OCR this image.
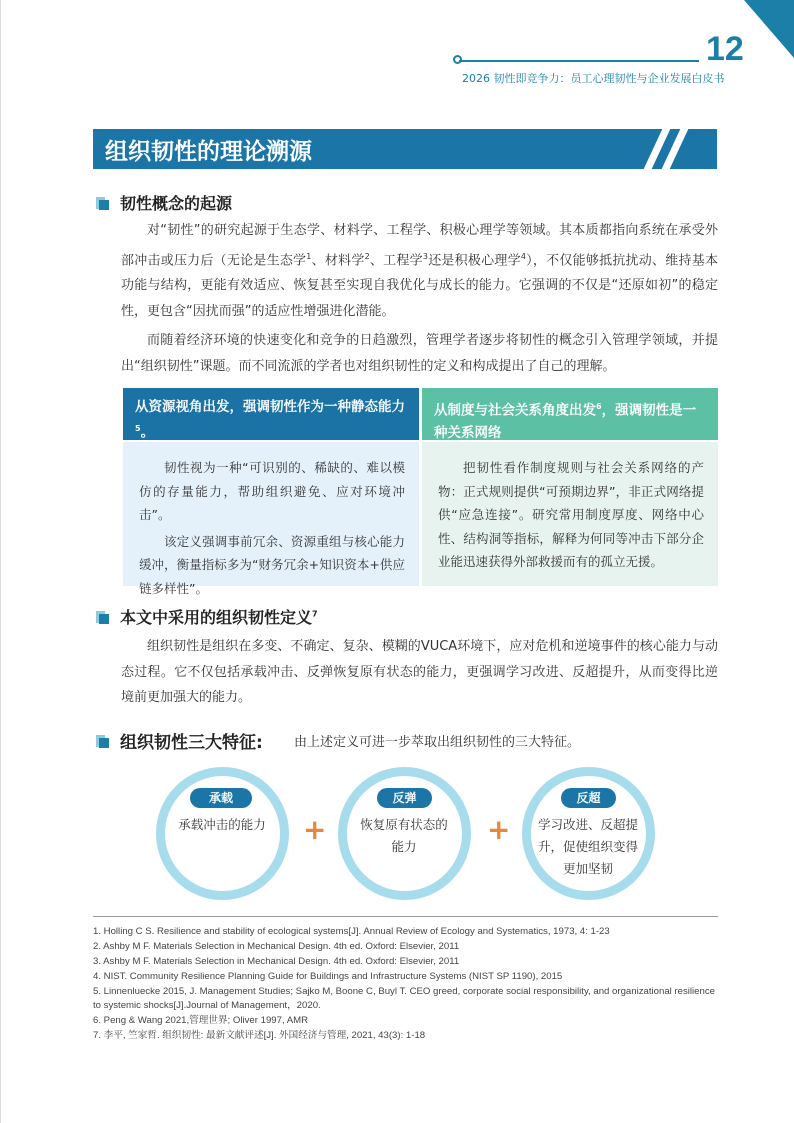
12
2026 韧性即竞争力：员工心理韧性与企业发展白皮书
组织韧性的理论溯源
韧性概念的起源
对“韧性”的研究起源于生态学、材料学、工程学、积极心理学等领域。其本质都指向系统在承受外部冲击或压力后（无论是生态学$^1$、材料学$^2$、工程学$^3$还是积极心理学$^4$），不仅能够抵抗扰动、维持基本功能与结构，更能有效适应、恢复甚至实现自我优化与成长的能力。它强调的不仅是“还原如初”的稳定性，更包含“因扰而强”的适应性增强进化潜能。
而随着经济环境的快速变化和竞争的日趋激烈，管理学者逐步将韧性的概念引入管理学领域，并提出“组织韧性”课题。而不同流派的学者也对组织韧性的定义和构成提出了自己的理解。
从资源视角出发，强调韧性作为一种静态能力$^5$。
韧性视为一种“可识别的、稀缺的、难以模仿的存量能力，帮助组织避免、应对环境冲击”。
该定义强调事前冗余、资源重组与核心能力缓冲，衡量指标多为“财务冗余+知识资本+供应链多样性”。
从制度与社会关系角度出发$^6$，强调韧性是一种关系网络
把韧性看作制度规则与社会关系网络的产物：正式规则提供“可预期边界”，非正式网络提供“应急连接”。研究常用制度厚度、网络中心性、结构洞等指标，解释为何同等冲击下部分企业能迅速获得外部救援而有的孤立无援。
本文中采用的组织韧性定义$^7$
组织韧性是组织在多变、不确定、复杂、模糊的VUCA环境下，应对危机和逆境事件的核心能力与动态过程。它不仅包括承载冲击、反弹恢复原有状态的能力，更强调学习改进、反超提升，从而变得比逆境前更加强大的能力。
组织韧性三大特征: 由上述定义可进一步萃取出组织韧性的三大特征。
承载
承载冲击的能力	+
反弹
恢复原有状态的
能力
+
反超
学习改进、反超提
升，促使组织变得
更加坚韧
1. Holling C S. Resilience and stability of ecological systems[J]. Annual Review of Ecology and Systematics, 1973, 4: 1-23
2. Ashby M F. Materials Selection in Mechanical Design. 4th ed. Oxford: Elsevier, 2011
3. Ashby M F. Materials Selection in Mechanical Design. 4th ed. Oxford: Elsevier, 2011
4. NIST. Community Resilience Planning Guide for Buildings and Infrastructure Systems (NIST SP 1190), 2015
5. Linnenluecke 2015, J. Management Studies; Sajko M, Boone C, Buyl T. CEO greed, corporate social responsibility, and organizational resilience to systemic shocks[J].Journal of Management，2020.
6. Peng & Wang 2021,管理世界; Oliver 1997, AMR
7. 李平, 竺家哲. 组织韧性: 最新文献评述[J]. 外国经济与管理, 2021, 43(3): 1-18
